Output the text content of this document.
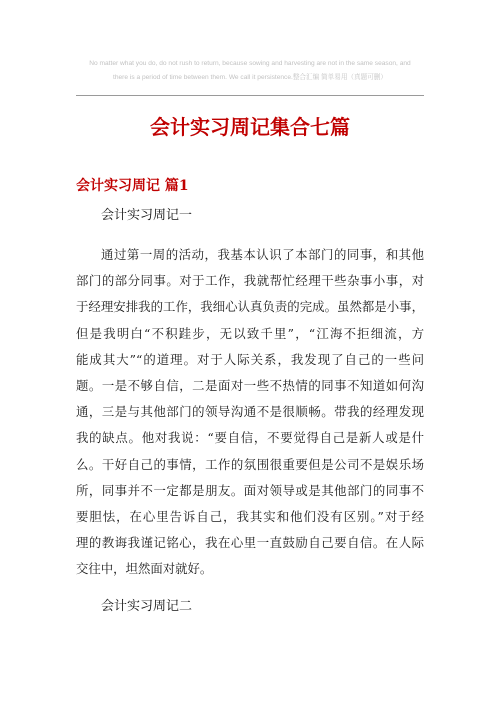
No matter what you do, do not rush to return, because sowing and harvesting are not in the same season, and
there is a period of time between them. We call it persistence.整合汇编 简单易用（真题可删）
会计实习周记集合七篇
会计实习周记 篇1
会计实习周记一
通过第一周的活动，我基本认识了本部门的同事，和其他
部门的部分同事。对于工作，我就帮忙经理干些杂事小事，对
于经理安排我的工作，我细心认真负责的完成。虽然都是小事，
但是我明白“不积跬步，无以致千里”，“江海不拒细流，方
能成其大”“的道理。对于人际关系，我发现了自己的一些问
题。一是不够自信，二是面对一些不热情的同事不知道如何沟
通，三是与其他部门的领导沟通不是很顺畅。带我的经理发现
我的缺点。他对我说：“要自信，不要觉得自己是新人或是什
么。干好自己的事情，工作的氛围很重要但是公司不是娱乐场
所，同事并不一定都是朋友。面对领导或是其他部门的同事不
要胆怯，在心里告诉自己，我其实和他们没有区别。”对于经
理的教诲我谨记铭心，我在心里一直鼓励自己要自信。在人际
交往中，坦然面对就好。
会计实习周记二
